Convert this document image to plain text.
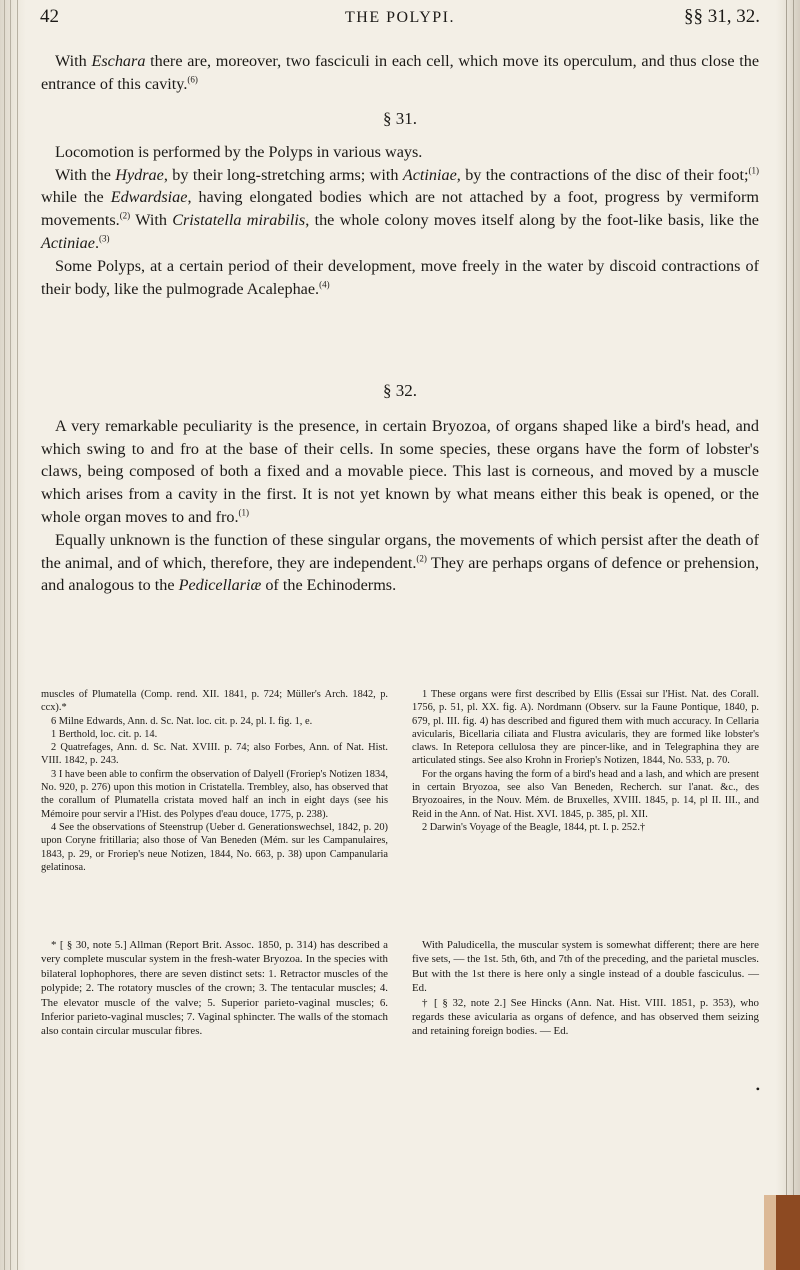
42	THE POLYPI.	§§ 31, 32.

With Eschara there are, moreover, two fasciculi in each cell, which move its operculum, and thus close the entrance of this cavity.$^{(6)}$

§ 31.

Locomotion is performed by the Polyps in various ways.

With the Hydrae, by their long-stretching arms; with Actiniae, by the contractions of the disc of their foot;$^{(1)}$ while the Edwardsiae, having elongated bodies which are not attached by a foot, progress by vermiform movements.$^{(2)}$ With Cristatella mirabilis, the whole colony moves itself along by the foot-like basis, like the Actiniae.$^{(3)}$

Some Polyps, at a certain period of their development, move freely in the water by discoid contractions of their body, like the pulmograde Acalephae.$^{(4)}$

§ 32.

A very remarkable peculiarity is the presence, in certain Bryozoa, of organs shaped like a bird's head, and which swing to and fro at the base of their cells. In some species, these organs have the form of lobster's claws, being composed of both a fixed and a movable piece. This last is corneous, and moved by a muscle which arises from a cavity in the first. It is not yet known by what means either this beak is opened, or the whole organ moves to and fro.$^{(1)}$

Equally unknown is the function of these singular organs, the movements of which persist after the death of the animal, and of which, therefore, they are independent.$^{(2)}$ They are perhaps organs of defence or prehension, and analogous to the Pedicellariæ of the Echinoderms.

muscles of Plumatella (Comp. rend. XII. 1841, p. 724; Müller's Arch. 1842, p. ccx).*

6 Milne Edwards, Ann. d. Sc. Nat. loc. cit. p. 24, pl. I. fig. 1, e.

1 Berthold, loc. cit. p. 14.

2 Quatrefages, Ann. d. Sc. Nat. XVIII. p. 74; also Forbes, Ann. of Nat. Hist. VIII. 1842, p. 243.

3 I have been able to confirm the observation of Dalyell (Froriep's Notizen 1834, No. 920, p. 276) upon this motion in Cristatella. Trembley, also, has observed that the corallum of Plumatella cristata moved half an inch in eight days (see his Mémoire pour servir a l'Hist. des Polypes d'eau douce, 1775, p. 238).

4 See the observations of Steenstrup (Ueber d. Generationswechsel, 1842, p. 20) upon Coryne fritillaria; also those of Van Beneden (Mém. sur les Campanulaires, 1843, p. 29, or Froriep's neue Notizen, 1844, No. 663, p. 38) upon Campanularia gelatinosa.

1 These organs were first described by Ellis (Essai sur l'Hist. Nat. des Corall. 1756, p. 51, pl. XX. fig. A). Nordmann (Observ. sur la Faune Pontique, 1840, p. 679, pl. III. fig. 4) has described and figured them with much accuracy. In Cellaria avicularis, Bicellaria ciliata and Flustra avicularis, they are formed like lobster's claws. In Retepora cellulosa they are pincer-like, and in Telegraphina they are articulated stings. See also Krohn in Froriep's Notizen, 1844, No. 533, p. 70.

For the organs having the form of a bird's head and a lash, and which are present in certain Bryozoa, see also Van Beneden, Recherch. sur l'anat. &c., des Bryozoaires, in the Nouv. Mém. de Bruxelles, XVIII. 1845, p. 14, pl II. III., and Reid in the Ann. of Nat. Hist. XVI. 1845, p. 385, pl. XII.

2 Darwin's Voyage of the Beagle, 1844, pt. I. p. 252.†

* [ § 30, note 5.] Allman (Report Brit. Assoc. 1850, p. 314) has described a very complete muscular system in the fresh-water Bryozoa. In the species with bilateral lophophores, there are seven distinct sets: 1. Retractor muscles of the polypide; 2. The rotatory muscles of the crown; 3. The tentacular muscles; 4. The elevator muscle of the valve; 5. Superior parieto-vaginal muscles; 6. Inferior parieto-vaginal muscles; 7. Vaginal sphincter. The walls of the stomach also contain circular muscular fibres.

With Paludicella, the muscular system is somewhat different; there are here five sets, — the 1st. 5th, 6th, and 7th of the preceding, and the parietal muscles. But with the 1st there is here only a single instead of a double fasciculus. — Ed.

† [ § 32, note 2.] See Hincks (Ann. Nat. Hist. VIII. 1851, p. 353), who regards these avicularia as organs of defence, and has observed them seizing and retaining foreign bodies. — Ed.

•
